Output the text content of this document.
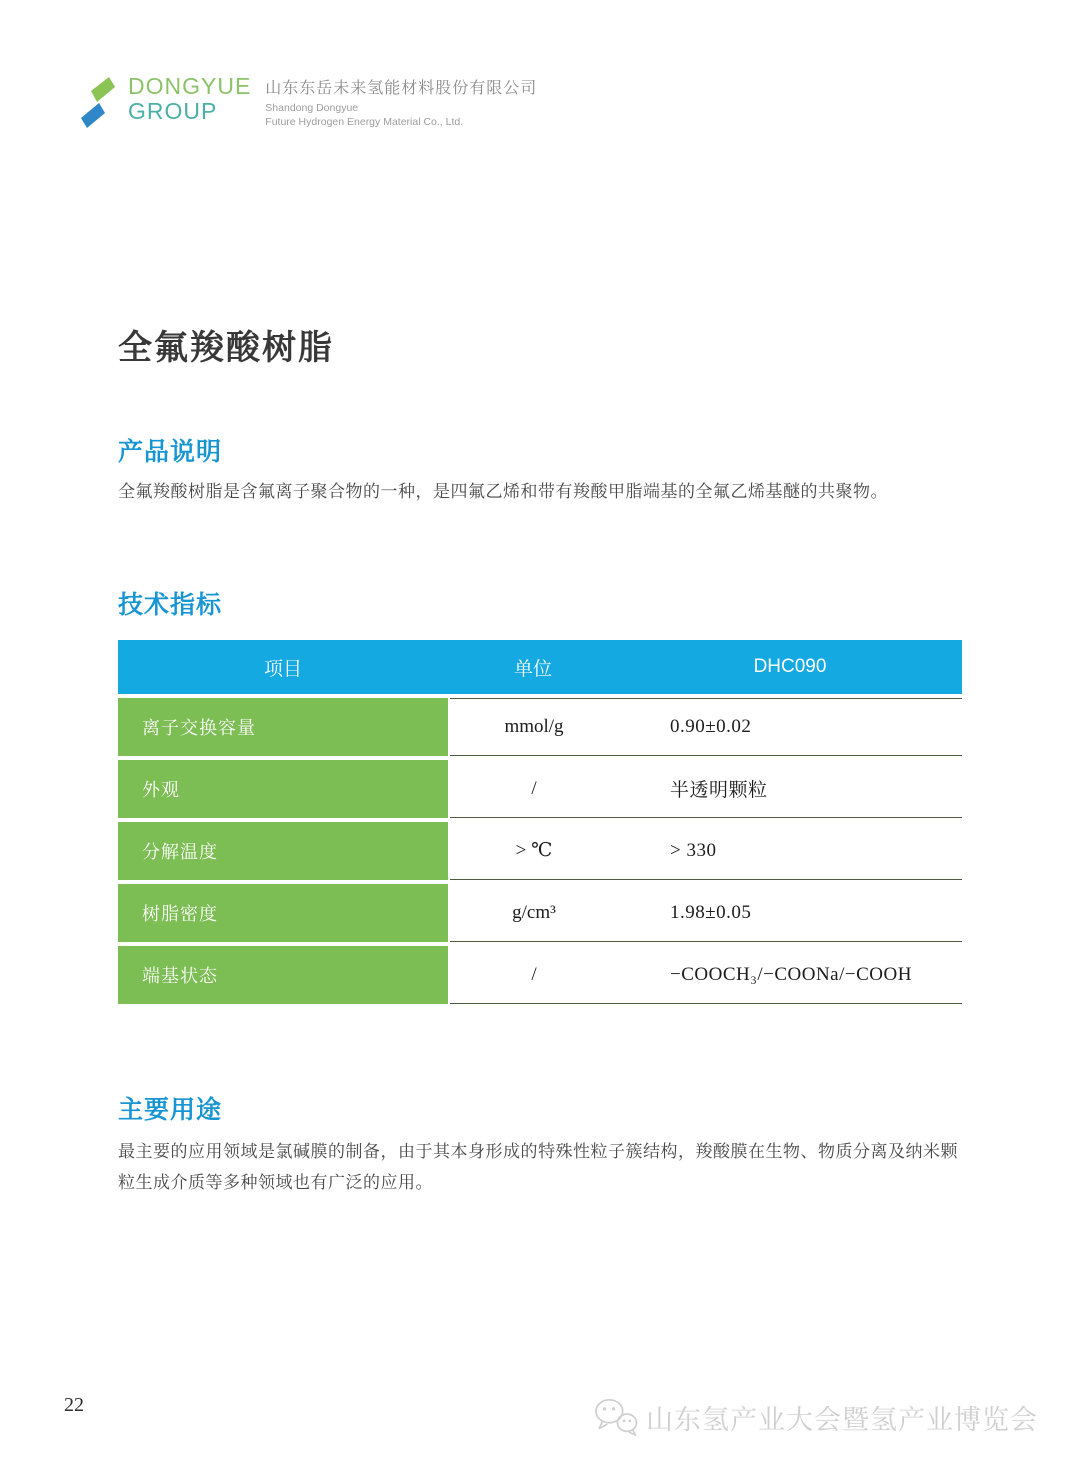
DONGYUE
GROUP
山东东岳未来氢能材料股份有限公司
Shandong Dongyue
Future Hydrogen Energy Material Co., Ltd.
全氟羧酸树脂
产品说明

全氟羧酸树脂是含氟离子聚合物的一种，是四氟乙烯和带有羧酸甲脂端基的全氟乙烯基醚的共聚物。

技术指标
项目	单位	DHC090
离子交换容量	mmol/g	0.90±0.02
外观	/	半透明颗粒
分解温度	> ℃	> 330
树脂密度	g/cm³	1.98±0.05
端基状态	/	−COOCH₃/−COONa/−COOH
主要用途

最主要的应用领域是氯碱膜的制备，由于其本身形成的特殊性粒子簇结构，羧酸膜在生物、物质分离及纳米颗粒生成介质等多种领域也有广泛的应用。

22	山东氢产业大会暨氢产业博览会
